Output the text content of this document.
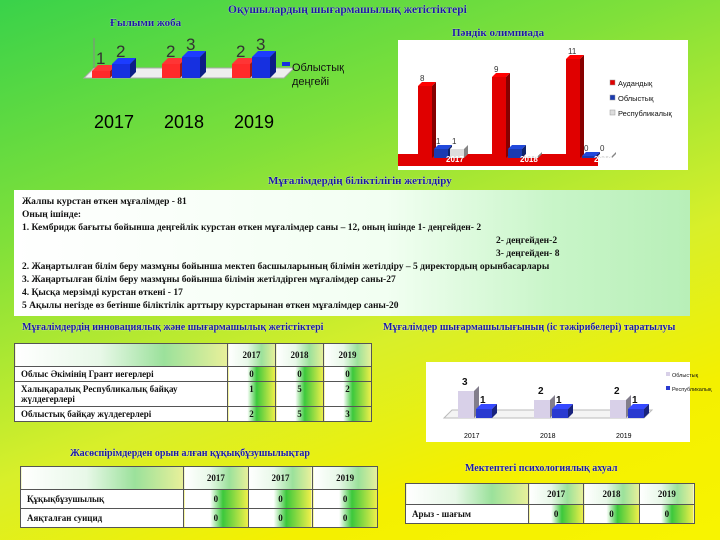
Оқушылардың шығармашылық жетістіктері
Ғылыми жоба
Пәндік олимпиада
Мұғалімдердің біліктілігін жетілдіру
Мұғалімдердің инновациялық және шығармашылық жетістіктері	Мұғалімдер шығармашылығының (іс тәжірибелері) таратылуы
Жасөспірімдерден орын алған құқықбұзушылықтар
Мектептегі психологиялық ахуал
1 2
2017
2 3
2018
2 3
2019
Облыстық
деңгейі	8
1 1
2017
9
2018
11
0 0
2019
Аудандық
Облыстық
Республикалық
Жалпы курстан өткен мұғалімдер - 81
Оның ішінде:
1. Кембридж бағыты бойынша деңгейлік курстан өткен мұғалімдер саны – 12, оның ішінде 1- деңгейден- 2
2- деңгейден-2
3- деңгейден- 8
2. Жаңартылған білім беру мазмұны бойынша мектеп басшыларының білімін жетілдіру – 5 директордың орынбасарлары
3. Жаңартылған білім беру мазмұны бойынша білімін жетілдірген мұғалімдер саны-27
4. Қысқа мерзімді курстан өткені - 17
5 Ақылы негізде өз бетінше біліктілік арттыру курстарынан өткен мұғалімдер саны-20
	2017	2018	2019
Облыс Әкімінің Грант иегерлері	0	0	0
Халықаралық Республикалық байқау жүлдегерлері	1	5	2
Облыстық байқау жүлдегерлері	2	5	3
3
1
2017
2
1
2018
2
1
2019
Облыстық
Республикалық
	2017	2017	2019
Құқықбұзушылық	0	0	0
Аяқталған суицид	0	0	0
	2017	2018	2019
Арыз - шағым	0	0	0
